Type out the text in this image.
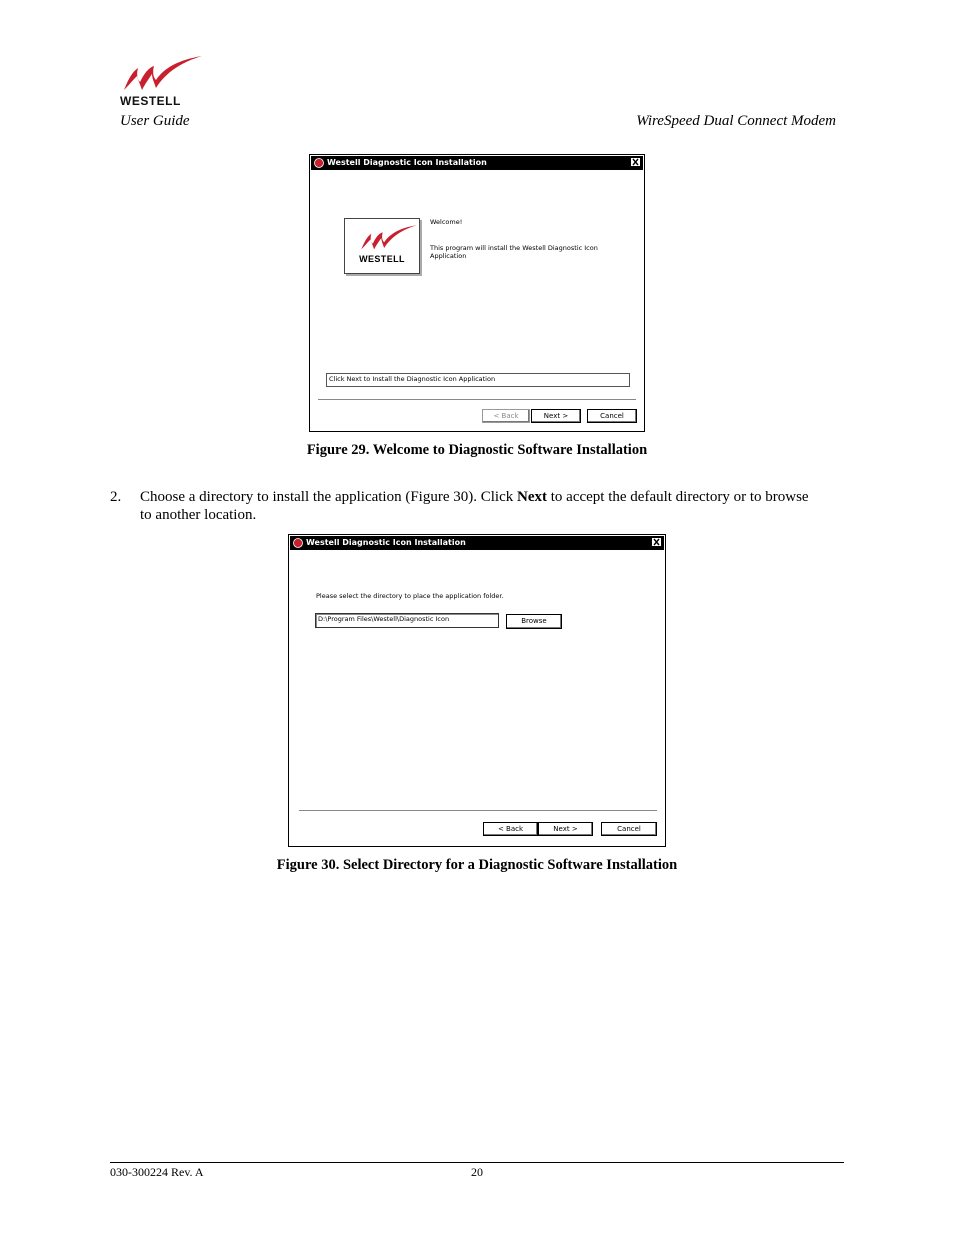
WESTELL
User Guide	WireSpeed Dual Connect Modem
Westell Diagnostic Icon Installation
WESTELL
Welcome!
This program will install the Westell Diagnostic Icon
Application
Click Next to Install the Diagnostic Icon Application
< Back	Next >	Cancel
Figure 29. Welcome to Diagnostic Software Installation
2. Choose a directory to install the application (Figure 30). Click Next to accept the default directory or to browse
to another location.
Westell Diagnostic Icon Installation
Please select the directory to place the application folder.
D:\Program Files\Westell\Diagnostic Icon	Browse
< Back	Next >	Cancel
Figure 30. Select Directory for a Diagnostic Software Installation
030-300224 Rev. A	20
